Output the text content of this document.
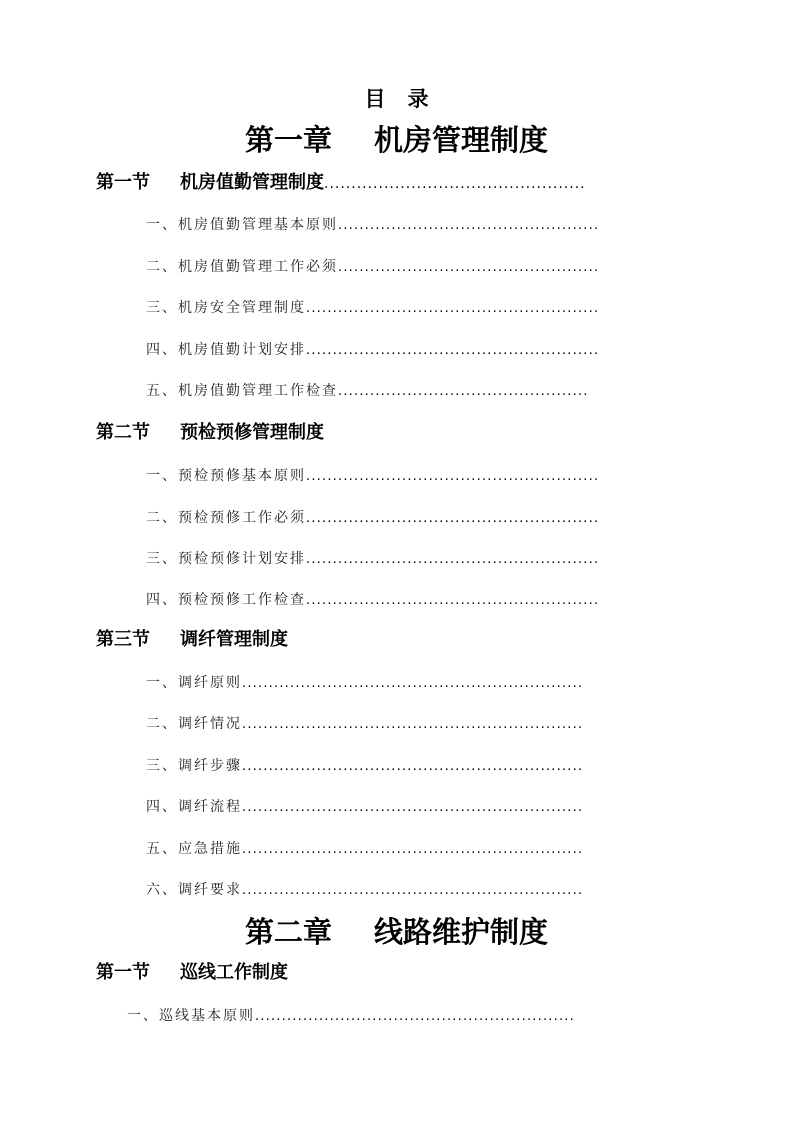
目 录
第一章 机房管理制度
第一节 机房值勤管理制度................................................
一、机房值勤管理基本原则.................................................
二、机房值勤管理工作必须.................................................
三、机房安全管理制度.......................................................
四、机房值勤计划安排.......................................................
五、机房值勤管理工作检查...............................................
第二节 预检预修管理制度
一、预检预修基本原则.......................................................
二、预检预修工作必须.......................................................
三、预检预修计划安排.......................................................
四、预检预修工作检查.......................................................
第三节 调纤管理制度
一、调纤原则................................................................
二、调纤情况................................................................
三、调纤步骤................................................................
四、调纤流程................................................................
五、应急措施................................................................
六、调纤要求................................................................
第二章 线路维护制度
第一节 巡线工作制度
一、巡线基本原则............................................................
